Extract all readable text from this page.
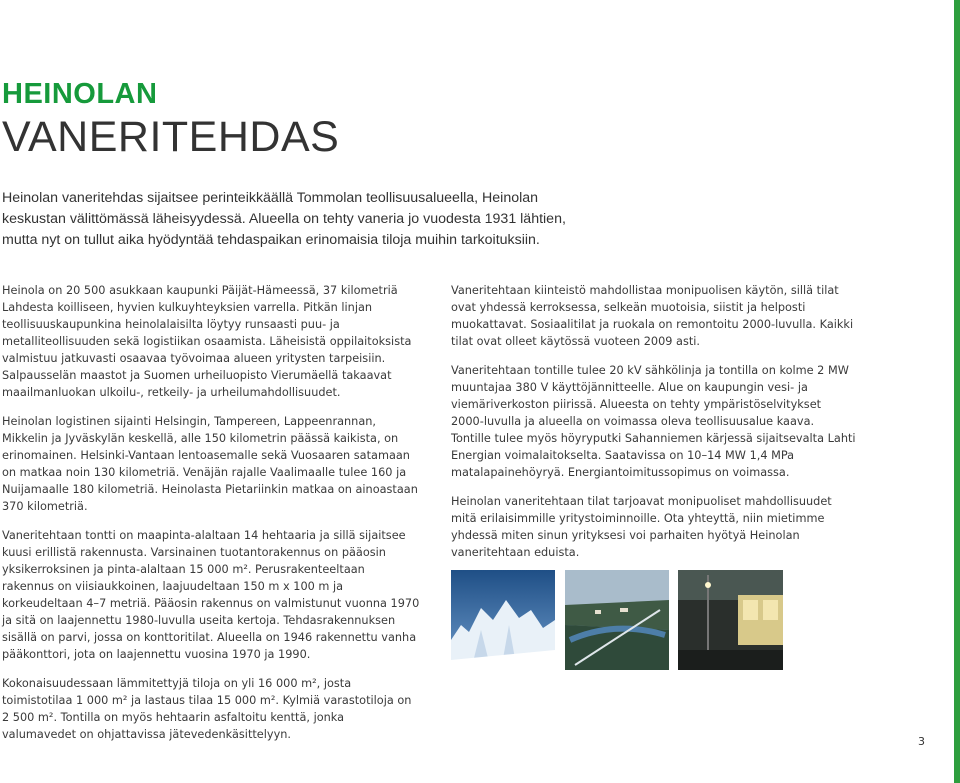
HEINOLAN
VANERITEHDAS
Heinolan vaneritehdas sijaitsee perinteikkäällä Tommolan teollisuusalueella, Heinolan keskustan välittömässä läheisyydessä. Alueella on tehty vaneria jo vuodesta 1931 lähtien, mutta nyt on tullut aika hyödyntää tehdaspaikan erinomaisia tiloja muihin tarkoituksiin.

Heinola on 20 500 asukkaan kaupunki Päijät-Hämeessä, 37 kilometriä Lahdesta koilliseen, hyvien kulkuyhteyksien varrella. Pitkän linjan teollisuuskaupunkina heinolalaisilta löytyy runsaasti puu- ja metalliteollisuuden sekä logistiikan osaamista. Läheisistä oppilaitoksista valmistuu jatkuvasti osaavaa työvoimaa alueen yritysten tarpeisiin. Salpausselän maastot ja Suomen urheiluopisto Vierumäellä takaavat maailmanluokan ulkoilu-, retkeily- ja urheilumahdollisuudet.

Heinolan logistinen sijainti Helsingin, Tampereen, Lappeenrannan, Mikkelin ja Jyväskylän keskellä, alle 150 kilometrin päässä kaikista, on erinomainen. Helsinki-Vantaan lentoasemalle sekä Vuosaaren satamaan on matkaa noin 130 kilometriä. Venäjän rajalle Vaalimaalle tulee 160 ja Nuijamaalle 180 kilometriä. Heinolasta Pietariinkin matkaa on ainoastaan 370 kilometriä.

Vaneritehtaan tontti on maapinta-alaltaan 14 hehtaaria ja sillä sijaitsee kuusi erillistä rakennusta. Varsinainen tuotantorakennus on pääosin yksikerroksinen ja pinta-alaltaan 15 000 m². Perusrakenteeltaan rakennus on viisiaukkoinen, laajuudeltaan 150 m x 100 m ja korkeudeltaan 4–7 metriä. Pääosin rakennus on valmistunut vuonna 1970 ja sitä on laajennettu 1980-luvulla useita kertoja. Tehdasrakennuksen sisällä on parvi, jossa on konttoritilat. Alueella on 1946 rakennettu vanha pääkonttori, jota on laajennettu vuosina 1970 ja 1990.

Kokonaisuudessaan lämmitettyjä tiloja on yli 16 000 m², josta toimistotilaa 1 000 m² ja lastaus tilaa 15 000 m². Kylmiä varastotiloja on 2 500 m². Tontilla on myös hehtaarin asfaltoitu kenttä, jonka valumavedet on ohjattavissa jätevedenkäsittelyyn.

Vaneritehtaan kiinteistö mahdollistaa monipuolisen käytön, sillä tilat ovat yhdessä kerroksessa, selkeän muotoisia, siistit ja helposti muokattavat. Sosiaalitilat ja ruokala on remontoitu 2000-luvulla. Kaikki tilat ovat olleet käytössä vuoteen 2009 asti.

Vaneritehtaan tontille tulee 20 kV sähkölinja ja tontilla on kolme 2 MW muuntajaa 380 V käyttöjännitteelle. Alue on kaupungin vesi- ja viemäriverkoston piirissä. Alueesta on tehty ympäristöselvitykset 2000-luvulla ja alueella on voimassa oleva teollisuusalue kaava. Tontille tulee myös höyryputki Sahanniemen kärjessä sijaitsevalta Lahti Energian voimalaitokselta. Saatavissa on 10–14 MW 1,4 MPa matalapainehöyryä. Energiantoimitussopimus on voimassa.

Heinolan vaneritehtaan tilat tarjoavat monipuoliset mahdollisuudet mitä erilaisimmille yritystoiminnoille. Ota yhteyttä, niin mietimme yhdessä miten sinun yrityksesi voi parhaiten hyötyä Heinolan vaneritehtaan eduista.

3
